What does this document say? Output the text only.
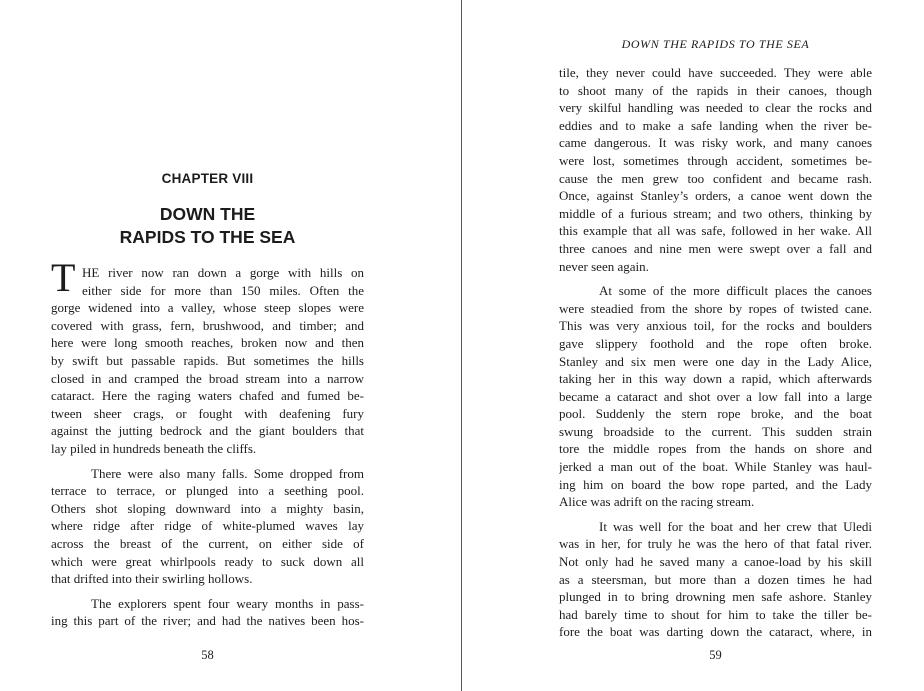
CHAPTER VIII
DOWN THE
RAPIDS TO THE SEA
T HE river now ran down a gorge with hills on
either side for more than 150 miles. Often the
gorge widened into a valley, whose steep slopes were
covered with grass, fern, brushwood, and timber; and
here were long smooth reaches, broken now and then
by swift but passable rapids. But sometimes the hills
closed in and cramped the broad stream into a narrow
cataract. Here the raging waters chafed and fumed be-
tween sheer crags, or fought with deafening fury
against the jutting bedrock and the giant boulders that
lay piled in hundreds beneath the cliffs.
There were also many falls. Some dropped from
terrace to terrace, or plunged into a seething pool.
Others shot sloping downward into a mighty basin,
where ridge after ridge of white-plumed waves lay
across the breast of the current, on either side of
which were great whirlpools ready to suck down all
that drifted into their swirling hollows.
The explorers spent four weary months in pass-
ing this part of the river; and had the natives been hos-
58
DOWN THE RAPIDS TO THE SEA
tile, they never could have succeeded. They were able
to shoot many of the rapids in their canoes, though
very skilful handling was needed to clear the rocks and
eddies and to make a safe landing when the river be-
came dangerous. It was risky work, and many canoes
were lost, sometimes through accident, sometimes be-
cause the men grew too confident and became rash.
Once, against Stanley’s orders, a canoe went down the
middle of a furious stream; and two others, thinking by
this example that all was safe, followed in her wake. All
three canoes and nine men were swept over a fall and
never seen again.
At some of the more difficult places the canoes
were steadied from the shore by ropes of twisted cane.
This was very anxious toil, for the rocks and boulders
gave slippery foothold and the rope often broke.
Stanley and six men were one day in the Lady Alice,
taking her in this way down a rapid, which afterwards
became a cataract and shot over a low fall into a large
pool. Suddenly the stern rope broke, and the boat
swung broadside to the current. This sudden strain
tore the middle ropes from the hands on shore and
jerked a man out of the boat. While Stanley was haul-
ing him on board the bow rope parted, and the Lady
Alice was adrift on the racing stream.
It was well for the boat and her crew that Uledi
was in her, for truly he was the hero of that fatal river.
Not only had he saved many a canoe-load by his skill
as a steersman, but more than a dozen times he had
plunged in to bring drowning men safe ashore. Stanley
had barely time to shout for him to take the tiller be-
fore the boat was darting down the cataract, where, in
59
